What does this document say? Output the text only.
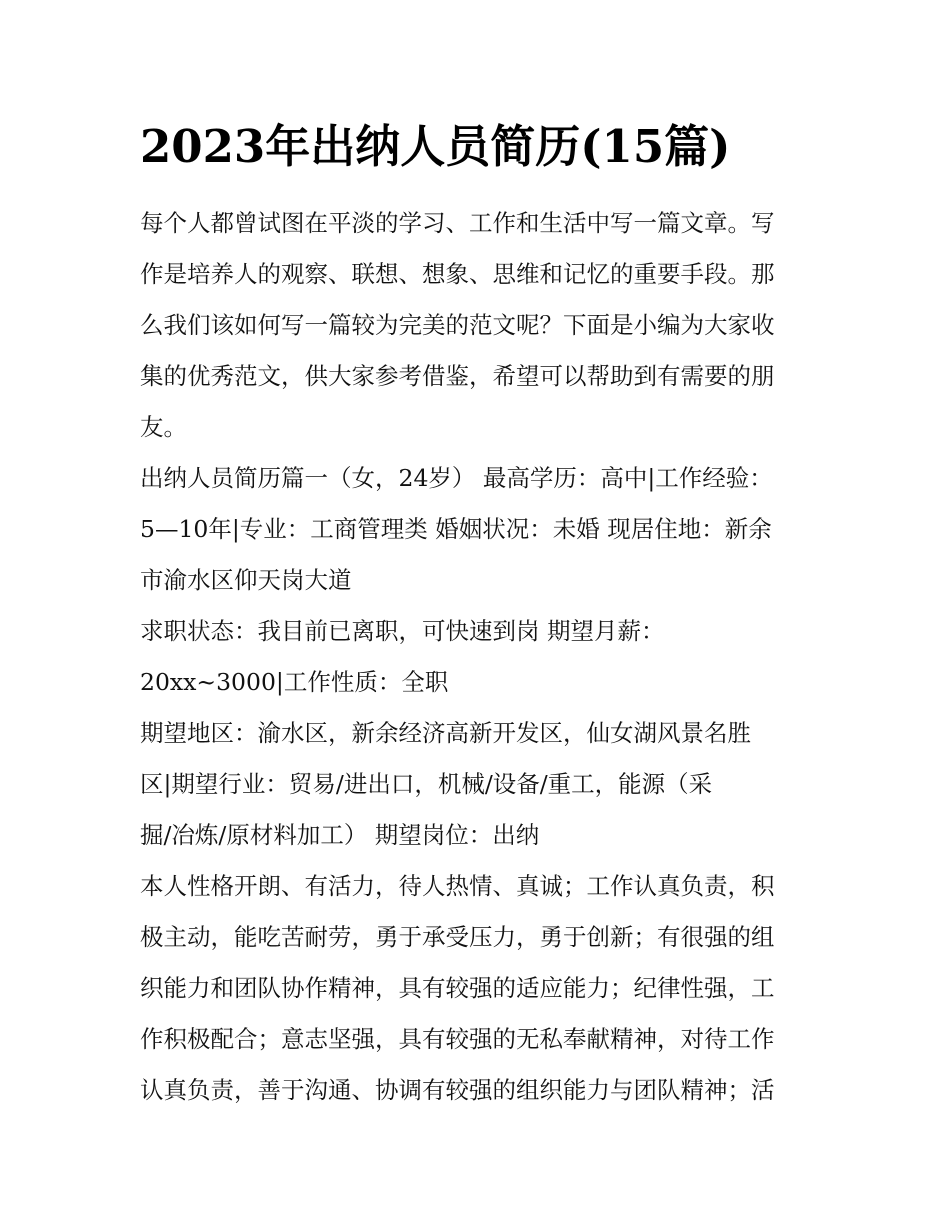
2023年出纳人员简历(15篇)

每个人都曾试图在平淡的学习、工作和生活中写一篇文章。写

作是培养人的观察、联想、想象、思维和记忆的重要手段。那

么我们该如何写一篇较为完美的范文呢？下面是小编为大家收

集的优秀范文，供大家参考借鉴，希望可以帮助到有需要的朋

友。

出纳人员简历篇一（女，24岁） 最高学历：高中|工作经验：

5—10年|专业：工商管理类 婚姻状况：未婚 现居住地：新余

市渝水区仰天岗大道

求职状态：我目前已离职，可快速到岗 期望月薪：

20xx~3000|工作性质：全职

期望地区：渝水区，新余经济高新开发区，仙女湖风景名胜

区|期望行业：贸易/进出口，机械/设备/重工，能源（采

掘/冶炼/原材料加工） 期望岗位：出纳

本人性格开朗、有活力，待人热情、真诚；工作认真负责，积

极主动，能吃苦耐劳，勇于承受压力，勇于创新；有很强的组

织能力和团队协作精神，具有较强的适应能力；纪律性强，工

作积极配合；意志坚强，具有较强的无私奉献精神，对待工作

认真负责，善于沟通、协调有较强的组织能力与团队精神；活
